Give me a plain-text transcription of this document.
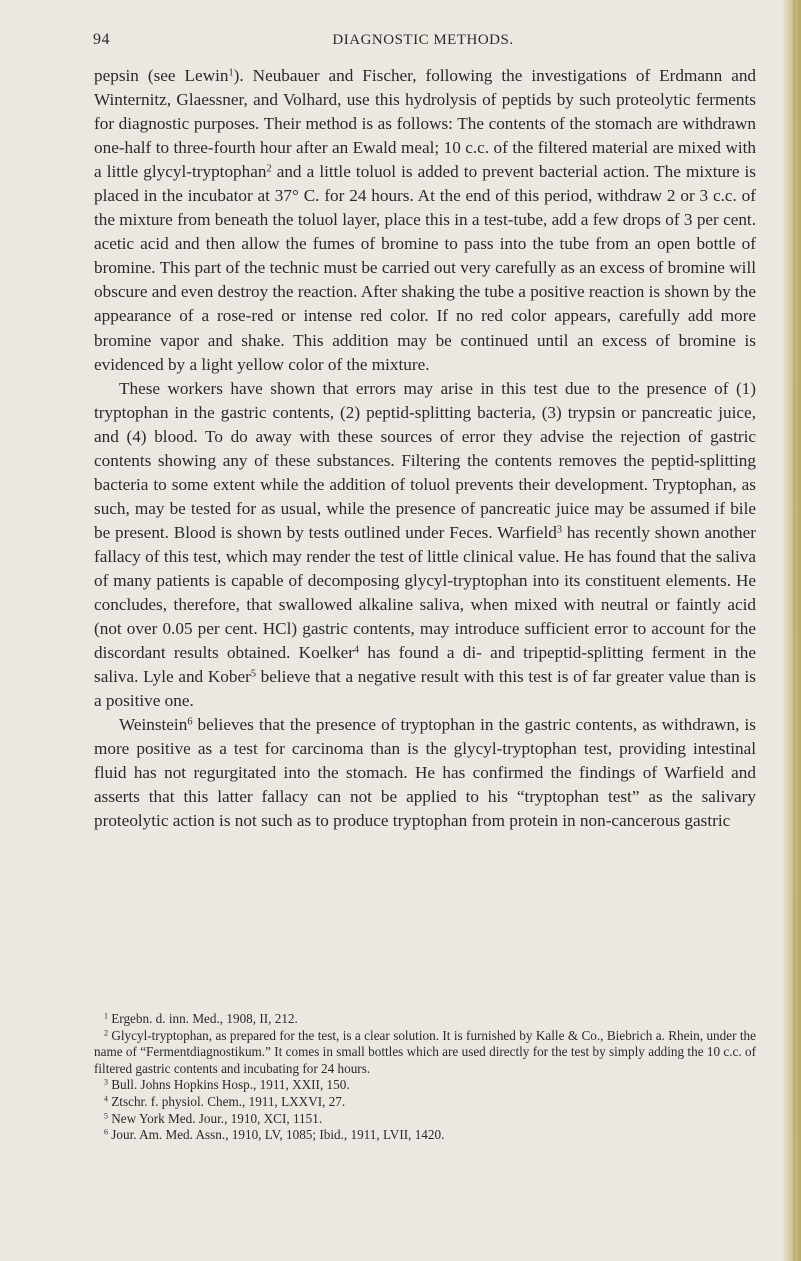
94	DIAGNOSTIC METHODS.

pepsin (see Lewin$^1$). Neubauer and Fischer, following the investigations of Erdmann and Winternitz, Glaessner, and Volhard, use this hydrolysis of peptids by such proteolytic ferments for diagnostic purposes. Their method is as follows: The contents of the stomach are withdrawn one-half to three-fourth hour after an Ewald meal; 10 c.c. of the filtered material are mixed with a little glycyl-tryptophan$^2$ and a little toluol is added to prevent bacterial action. The mixture is placed in the incubator at 37° C. for 24 hours. At the end of this period, withdraw 2 or 3 c.c. of the mixture from beneath the toluol layer, place this in a test-tube, add a few drops of 3 per cent. acetic acid and then allow the fumes of bromine to pass into the tube from an open bottle of bromine. This part of the technic must be carried out very carefully as an excess of bromine will obscure and even destroy the reaction. After shaking the tube a positive reaction is shown by the appearance of a rose-red or intense red color. If no red color appears, carefully add more bromine vapor and shake. This addition may be continued until an excess of bromine is evidenced by a light yellow color of the mixture.

These workers have shown that errors may arise in this test due to the presence of (1) tryptophan in the gastric contents, (2) peptid-splitting bacteria, (3) trypsin or pancreatic juice, and (4) blood. To do away with these sources of error they advise the rejection of gastric contents showing any of these substances. Filtering the contents removes the peptid-splitting bacteria to some extent while the addition of toluol prevents their development. Tryptophan, as such, may be tested for as usual, while the presence of pancreatic juice may be assumed if bile be present. Blood is shown by tests outlined under Feces. Warfield$^3$ has recently shown another fallacy of this test, which may render the test of little clinical value. He has found that the saliva of many patients is capable of decomposing glycyl-tryptophan into its constituent elements. He concludes, therefore, that swallowed alkaline saliva, when mixed with neutral or faintly acid (not over 0.05 per cent. HCl) gastric contents, may introduce sufficient error to account for the discordant results obtained. Koelker$^4$ has found a di- and tripeptid-splitting ferment in the saliva. Lyle and Kober$^5$ believe that a negative result with this test is of far greater value than is a positive one.

Weinstein$^6$ believes that the presence of tryptophan in the gastric contents, as withdrawn, is more positive as a test for carcinoma than is the glycyl-tryptophan test, providing intestinal fluid has not regurgitated into the stomach. He has confirmed the findings of Warfield and asserts that this latter fallacy can not be applied to his “tryptophan test” as the salivary proteolytic action is not such as to produce tryptophan from protein in non-cancerous gastric

$^1$ Ergebn. d. inn. Med., 1908, II, 212.

$^2$ Glycyl-tryptophan, as prepared for the test, is a clear solution. It is furnished by Kalle & Co., Biebrich a. Rhein, under the name of “Fermentdiagnostikum.” It comes in small bottles which are used directly for the test by simply adding the 10 c.c. of filtered gastric contents and incubating for 24 hours.

$^3$ Bull. Johns Hopkins Hosp., 1911, XXII, 150.

$^4$ Ztschr. f. physiol. Chem., 1911, LXXVI, 27.

$^5$ New York Med. Jour., 1910, XCI, 1151.

$^6$ Jour. Am. Med. Assn., 1910, LV, 1085; Ibid., 1911, LVII, 1420.
